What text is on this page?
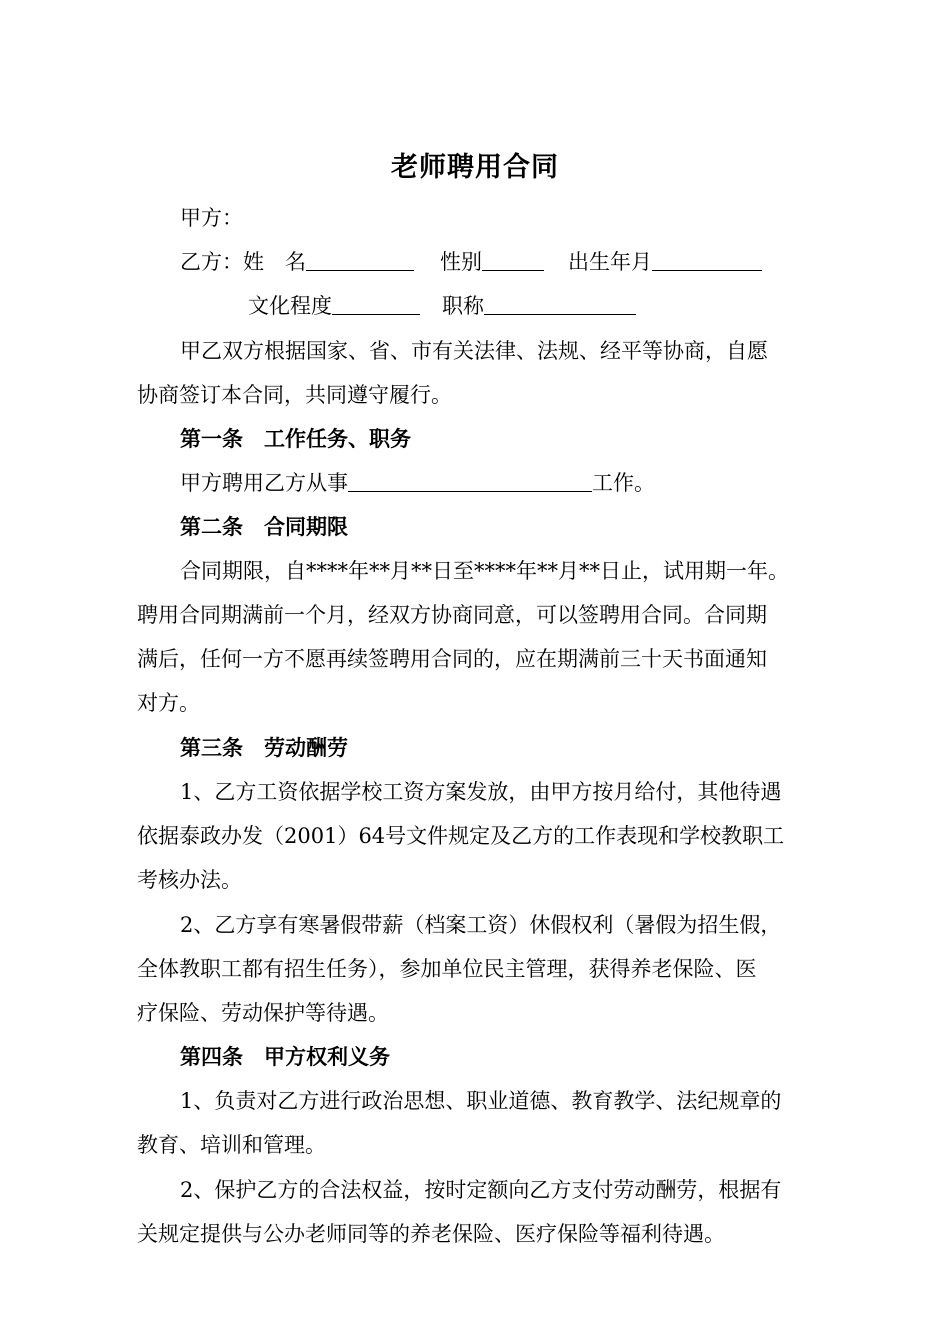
老师聘用合同
甲方：
乙方：姓　名	性别	出生年月
文化程度	职称
甲乙双方根据国家、省、市有关法律、法规、经平等协商，自愿
协商签订本合同，共同遵守履行。
第一条　工作任务、职务
甲方聘用乙方从事	工作。
第二条　合同期限
合同期限，自****年**月**日至****年**月**日止，试用期一年。
聘用合同期满前一个月，经双方协商同意，可以签聘用合同。合同期
满后，任何一方不愿再续签聘用合同的，应在期满前三十天书面通知
对方。
第三条　劳动酬劳
1、乙方工资依据学校工资方案发放，由甲方按月给付，其他待遇
依据泰政办发（2001）64号文件规定及乙方的工作表现和学校教职工
考核办法。
2、乙方享有寒暑假带薪（档案工资）休假权利（暑假为招生假，
全体教职工都有招生任务），参加单位民主管理，获得养老保险、医
疗保险、劳动保护等待遇。
第四条　甲方权利义务
1、负责对乙方进行政治思想、职业道德、教育教学、法纪规章的
教育、培训和管理。
2、保护乙方的合法权益，按时定额向乙方支付劳动酬劳，根据有
关规定提供与公办老师同等的养老保险、医疗保险等福利待遇。
